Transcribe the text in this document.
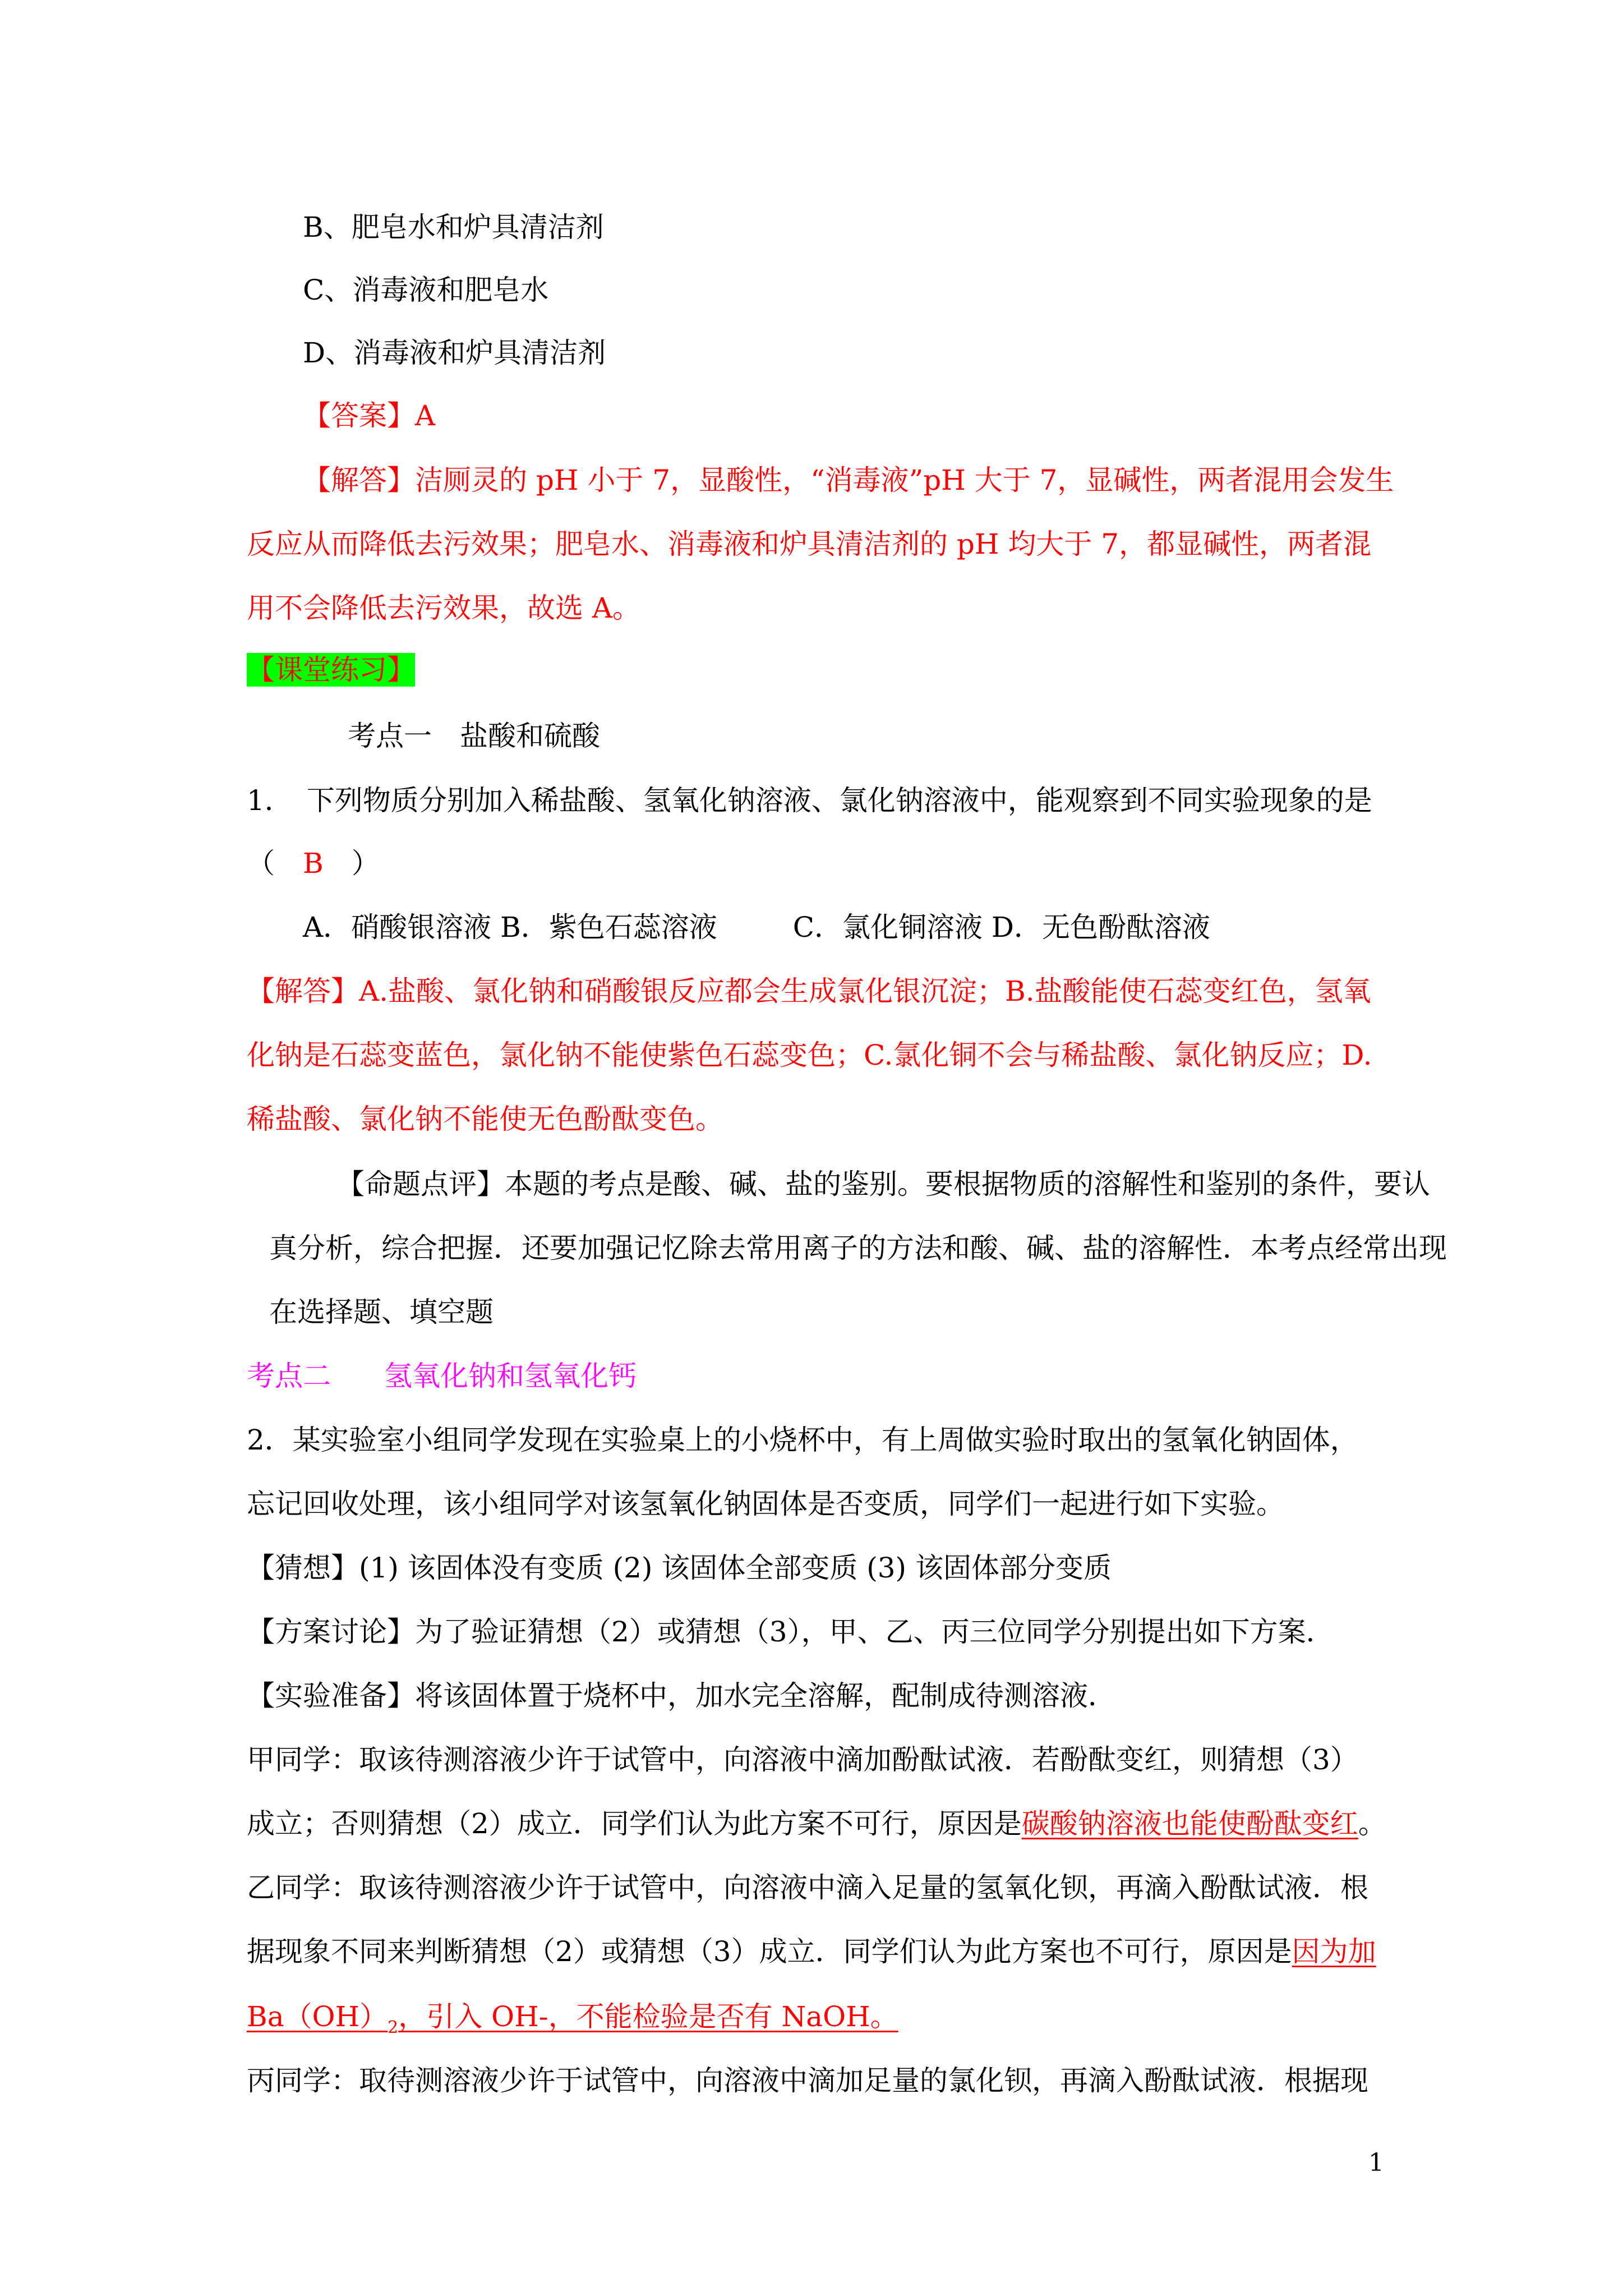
B、肥皂水和炉具清洁剂

C、消毒液和肥皂水

D、消毒液和炉具清洁剂

【答案】A

【解答】洁厕灵的 pH 小于 7，显酸性，“消毒液”pH 大于 7，显碱性，两者混用会发生

反应从而降低去污效果；肥皂水、消毒液和炉具清洁剂的 pH 均大于 7，都显碱性，两者混

用不会降低去污效果，故选 A。

【课堂练习】

考点一　盐酸和硫酸

1．　下列物质分别加入稀盐酸、氢氧化钠溶液、氯化钠溶液中，能观察到不同实验现象的是

（　B　）

A．硝酸银溶液 B．紫色石蕊溶液	C．氯化铜溶液 D．无色酚酞溶液

【解答】A.盐酸、氯化钠和硝酸银反应都会生成氯化银沉淀；B.盐酸能使石蕊变红色，氢氧

化钠是石蕊变蓝色，氯化钠不能使紫色石蕊变色；C.氯化铜不会与稀盐酸、氯化钠反应；D.

稀盐酸、氯化钠不能使无色酚酞变色。

【命题点评】本题的考点是酸、碱、盐的鉴别。要根据物质的溶解性和鉴别的条件，要认

真分析，综合把握．还要加强记忆除去常用离子的方法和酸、碱、盐的溶解性．本考点经常出现

在选择题、填空题

考点二 氢氧化钠和氢氧化钙

2．某实验室小组同学发现在实验桌上的小烧杯中，有上周做实验时取出的氢氧化钠固体，

忘记回收处理，该小组同学对该氢氧化钠固体是否变质，同学们一起进行如下实验。

【猜想】(1) 该固体没有变质 (2) 该固体全部变质 (3) 该固体部分变质

【方案讨论】为了验证猜想（2）或猜想（3），甲、乙、丙三位同学分别提出如下方案．

【实验准备】将该固体置于烧杯中，加水完全溶解，配制成待测溶液．

甲同学：取该待测溶液少许于试管中，向溶液中滴加酚酞试液．若酚酞变红，则猜想（3）

成立；否则猜想（2）成立．同学们认为此方案不可行，原因是碳酸钠溶液也能使酚酞变红。

乙同学：取该待测溶液少许于试管中，向溶液中滴入足量的氢氧化钡，再滴入酚酞试液．根

据现象不同来判断猜想（2）或猜想（3）成立．同学们认为此方案也不可行，原因是因为加

$Ba(OH)_2$，引入 OH-，不能检验是否有 NaOH。

丙同学：取待测溶液少许于试管中，向溶液中滴加足量的氯化钡，再滴入酚酞试液．根据现

1
